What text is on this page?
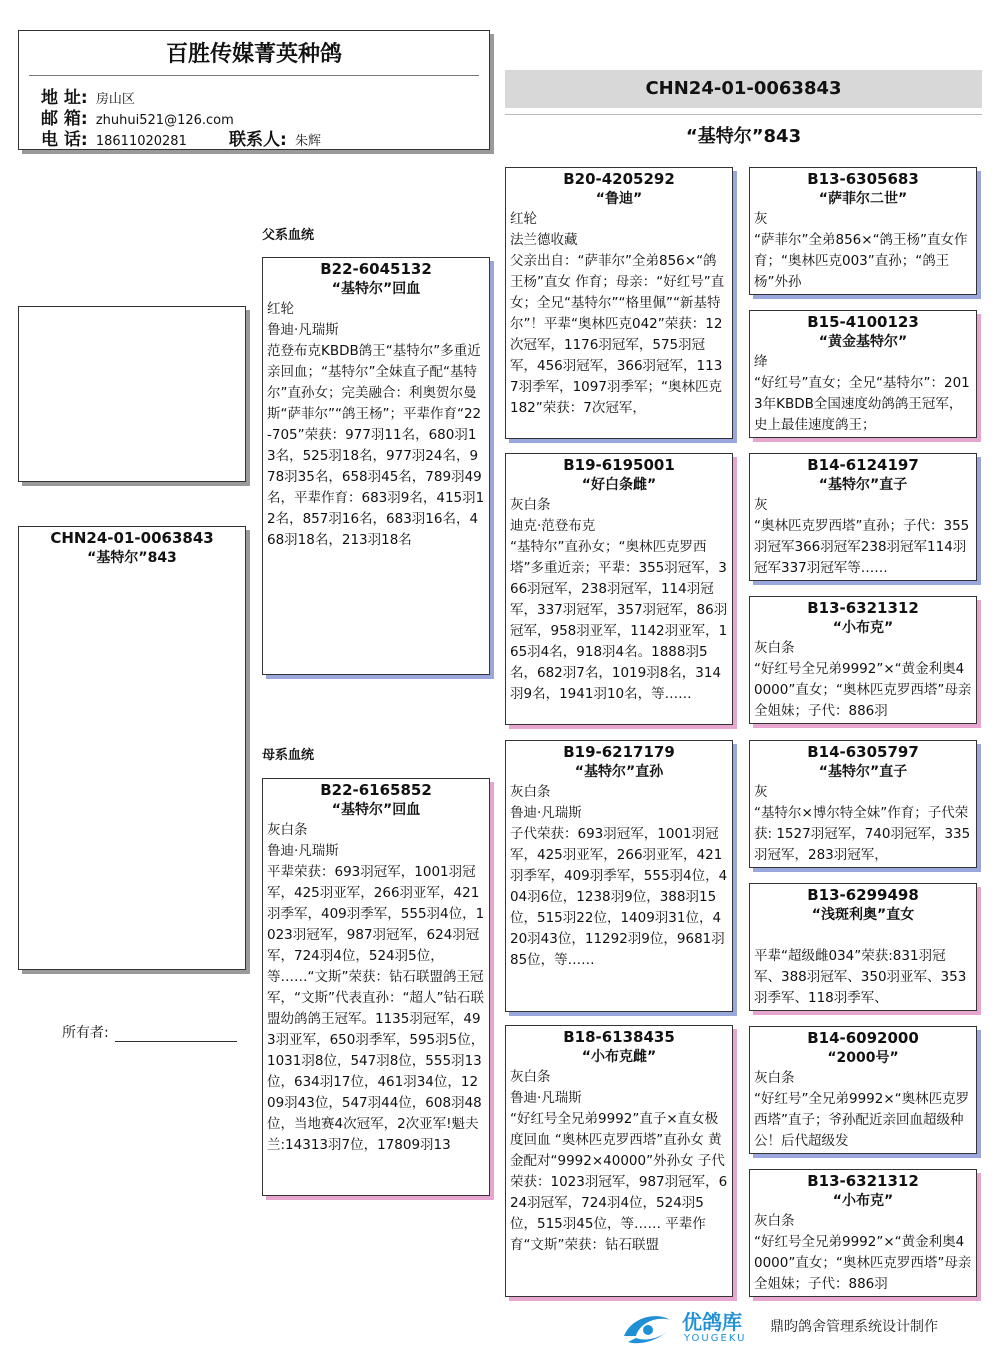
百胜传媒菁英种鸽
地 址: 房山区
邮 箱: zhuhui521@126.com
电 话: 18611020281 联系人: 朱辉
CHN24-01-0063843
“基特尔”843
父系血统
母系血统
CHN24-01-0063843
“基特尔”843
所有者:
B22-6045132
“基特尔”回血
红轮
鲁迪·凡瑞斯
范登布克KBDB鸽王“基特尔”多重近亲回血；“基特尔”全妹直子配“基特尔”直孙女；完美融合：利奥贺尔曼斯“萨菲尔”“鸽王杨”；平辈作育“22-705”荣获：977羽11名，680羽13名，525羽18名，977羽24名，978羽35名，658羽45名，789羽49名，平辈作育：683羽9名，415羽12名，857羽16名，683羽16名，468羽18名，213羽18名
B22-6165852
“基特尔”回血
灰白条
鲁迪·凡瑞斯
平辈荣获：693羽冠军，1001羽冠军，425羽亚军，266羽亚军，421羽季军，409羽季军，555羽4位，1023羽冠军，987羽冠军，624羽冠军，724羽4位，524羽5位，等……“文斯”荣获：钻石联盟鸽王冠军，“文斯”代表直孙：“超人”钻石联盟幼鸽鸽王冠军。1135羽冠军，493羽亚军，650羽季军，595羽5位，1031羽8位，547羽8位，555羽13位，634羽17位，461羽34位，1209羽43位，547羽44位，608羽48位，当地赛4次冠军，2次亚军!魁夫兰:14313羽7位，17809羽13
B20-4205292
“鲁迪”
红轮
法兰德收藏
父亲出自：“萨菲尔”全弟856×“鸽王杨”直女 作育；母亲：“好红号”直女；全兄“基特尔”“格里佩”“新基特尔”！平辈“奥林匹克042”荣获：12次冠军，1176羽冠军，575羽冠军，456羽冠军，366羽冠军，1137羽季军，1097羽季军；“奥林匹克182”荣获：7次冠军，
B19-6195001
“好白条雌”
灰白条
迪克·范登布克
“基特尔”直孙女；“奥林匹克罗西塔”多重近亲；平辈：355羽冠军，366羽冠军，238羽冠军，114羽冠军，337羽冠军，357羽冠军，86羽冠军，958羽亚军，1142羽亚军，165羽4名，918羽4名。1888羽5名，682羽7名，1019羽8名，314羽9名，1941羽10名，等……
B19-6217179
“基特尔”直孙
灰白条
鲁迪·凡瑞斯
子代荣获：693羽冠军，1001羽冠军，425羽亚军，266羽亚军，421羽季军，409羽季军，555羽4位，404羽6位，1238羽9位，388羽15位，515羽22位，1409羽31位，420羽43位，11292羽9位，9681羽85位，等……
B18-6138435
“小布克雌”
灰白条
鲁迪·凡瑞斯
“好红号全兄弟9992”直子×直女极度回血 “奥林匹克罗西塔”直孙女 黄金配对“9992×40000”外孙女 子代荣获：1023羽冠军，987羽冠军，624羽冠军，724羽4位，524羽5位，515羽45位，等…… 平辈作育“文斯”荣获：钻石联盟
B13-6305683
“萨菲尔二世”
灰
“萨菲尔”全弟856×“鸽王杨”直女作育；“奥林匹克003”直孙；“鸽王杨”外孙
B15-4100123
“黄金基特尔”
绛
“好红号”直女；全兄“基特尔”：2013年KBDB全国速度幼鸽鸽王冠军，史上最佳速度鸽王；
B14-6124197
“基特尔”直子
灰
“奥林匹克罗西塔”直孙；子代：355羽冠军366羽冠军238羽冠军114羽冠军337羽冠军等……
B13-6321312
“小布克”
灰白条
“好红号全兄弟9992”×“黄金利奥40000”直女；“奥林匹克罗西塔”母亲全姐妹；子代：886羽
B14-6305797
“基特尔”直子
灰
“基特尔×博尔特全妹”作育；子代荣获: 1527羽冠军，740羽冠军，335羽冠军，283羽冠军，
B13-6299498
“浅斑利奥”直女
平辈“超级雌034”荣获:831羽冠军、388羽冠军、350羽亚军、353羽季军、118羽季军、
B14-6092000
“2000号”
灰白条
“好红号”全兄弟9992×“奥林匹克罗西塔”直子；爷孙配近亲回血超级种公！后代超级发
B13-6321312
“小布克”
灰白条
“好红号全兄弟9992”×“黄金利奥40000”直女；“奥林匹克罗西塔”母亲全姐妹；子代：886羽
优鸽库
YOUGEKU
鼎昀鸽舍管理系统设计制作
